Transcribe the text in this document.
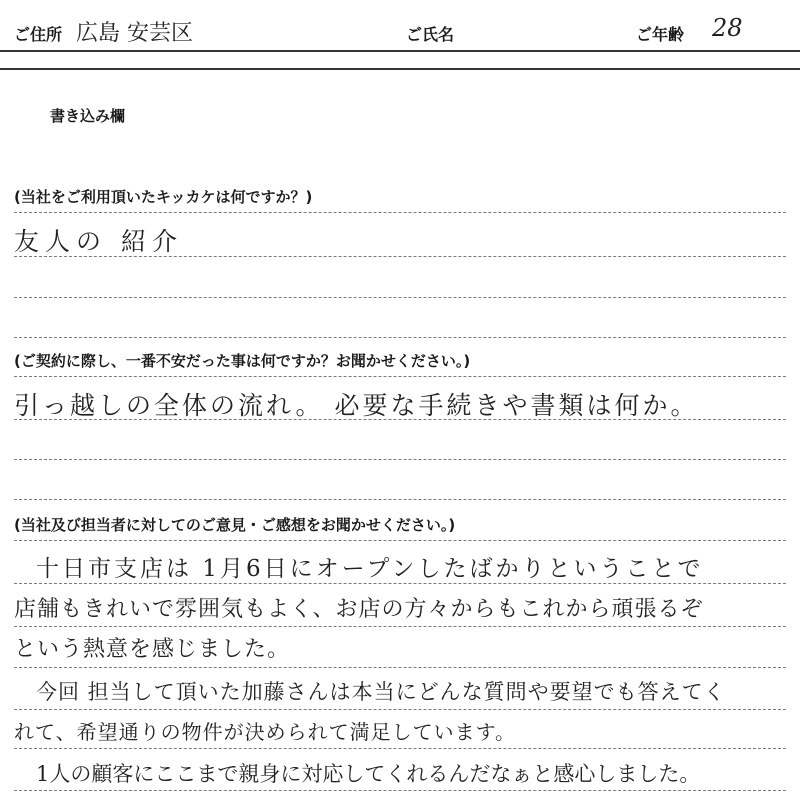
ご住所 広島 安芸区	ご氏名	ご年齢 28
書き込み欄
(当社をご利用頂いたキッカケは何ですか？)
友人の 紹介
(ご契約に際し、一番不安だった事は何ですか？お聞かせください。)
引っ越しの全体の流れ。 必要な手続きや書類は何か。
(当社及び担当者に対してのご意見・ご感想をお聞かせください。)
十日市支店は 1月6日にオープンしたばかりということで
店舗もきれいで雰囲気もよく、お店の方々からもこれから頑張るぞ
という熱意を感じました。
今回 担当して頂いた加藤さんは本当にどんな質問や要望でも答えてく
れて、希望通りの物件が決められて満足しています。
1人の顧客にここまで親身に対応してくれるんだなぁと感心しました。
